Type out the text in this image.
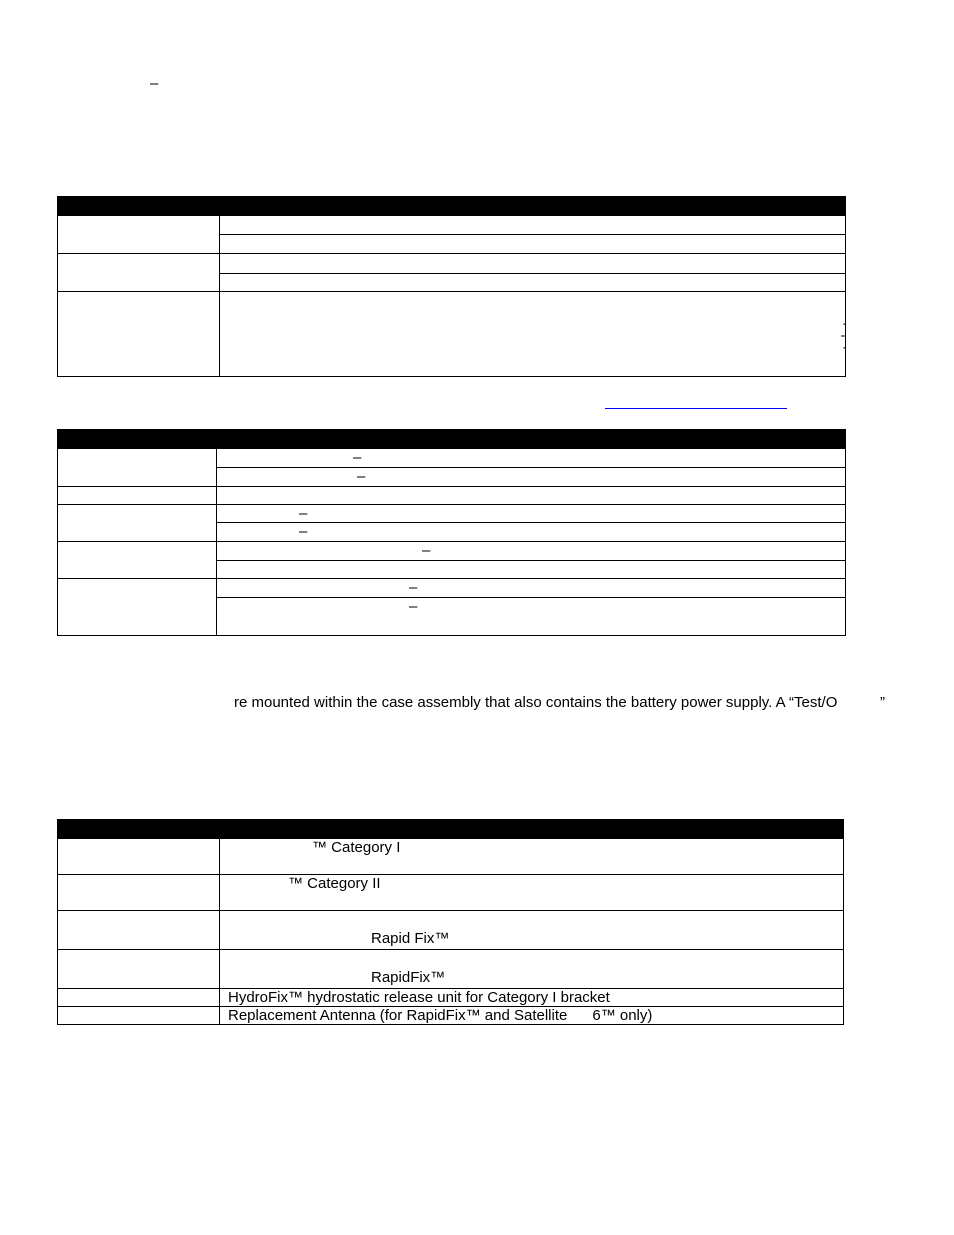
–

	–
	–

	–
	–
	–

	–
	–
re mounted within the case assembly that also contains the battery power supply. A “Test/O	”

	™ Category I
	™ Category II
	Rapid Fix™
	RapidFix™
	HydroFix™ hydrostatic release unit for Category I bracket
	Replacement Antenna (for RapidFix™ and Satellite      6™ only)
